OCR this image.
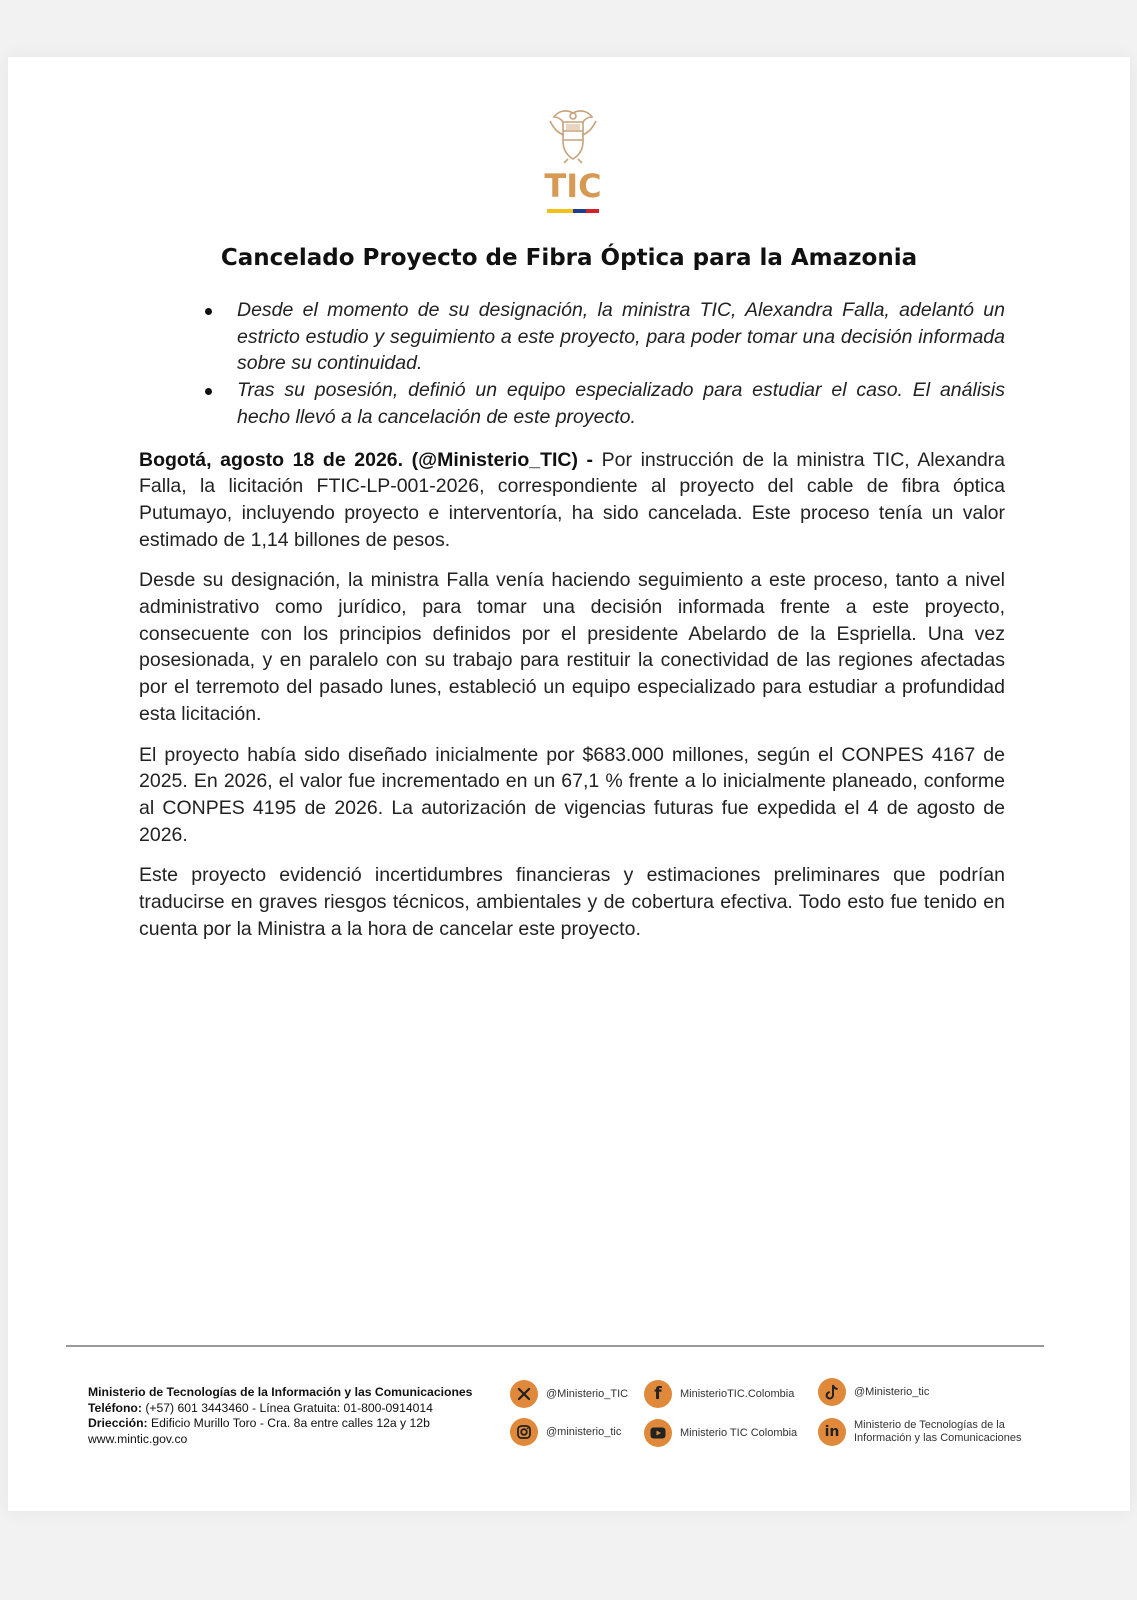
TIC
Cancelado Proyecto de Fibra Óptica para la Amazonia
Desde el momento de su designación, la ministra TIC, Alexandra Falla, adelantó un estricto estudio y seguimiento a este proyecto, para poder tomar una decisión informada sobre su continuidad.
Tras su posesión, definió un equipo especializado para estudiar el caso. El análisis hecho llevó a la cancelación de este proyecto.

Bogotá, agosto 18 de 2026. (@Ministerio_TIC) - Por instrucción de la ministra TIC, Alexandra Falla, la licitación FTIC-LP-001-2026, correspondiente al proyecto del cable de fibra óptica Putumayo, incluyendo proyecto e interventoría, ha sido cancelada. Este proceso tenía un valor estimado de 1,14 billones de pesos.

Desde su designación, la ministra Falla venía haciendo seguimiento a este proceso, tanto a nivel administrativo como jurídico, para tomar una decisión informada frente a este proyecto, consecuente con los principios definidos por el presidente Abelardo de la Espriella. Una vez posesionada, y en paralelo con su trabajo para restituir la conectividad de las regiones afectadas por el terremoto del pasado lunes, estableció un equipo especializado para estudiar a profundidad esta licitación.

El proyecto había sido diseñado inicialmente por $683.000 millones, según el CONPES 4167 de 2025. En 2026, el valor fue incrementado en un 67,1 % frente a lo inicialmente planeado, conforme al CONPES 4195 de 2026. La autorización de vigencias futuras fue expedida el 4 de agosto de 2026.

Este proyecto evidenció incertidumbres financieras y estimaciones preliminares que podrían traducirse en graves riesgos técnicos, ambientales y de cobertura efectiva. Todo esto fue tenido en cuenta por la Ministra a la hora de cancelar este proyecto.

Ministerio de Tecnologías de la Información y las Comunicaciones
Teléfono: (+57) 601 3443460 - Línea Gratuita: 01-800-0914014
Driección: Edificio Murillo Toro - Cra. 8a entre calles 12a y 12b
www.mintic.gov.co
@Ministerio_TIC f MinisterioTIC.Colombia	@Ministerio_tic
@ministerio_tic	Ministerio TIC Colombia in Ministerio de Tecnologías de la
Información y las Comunicaciones
